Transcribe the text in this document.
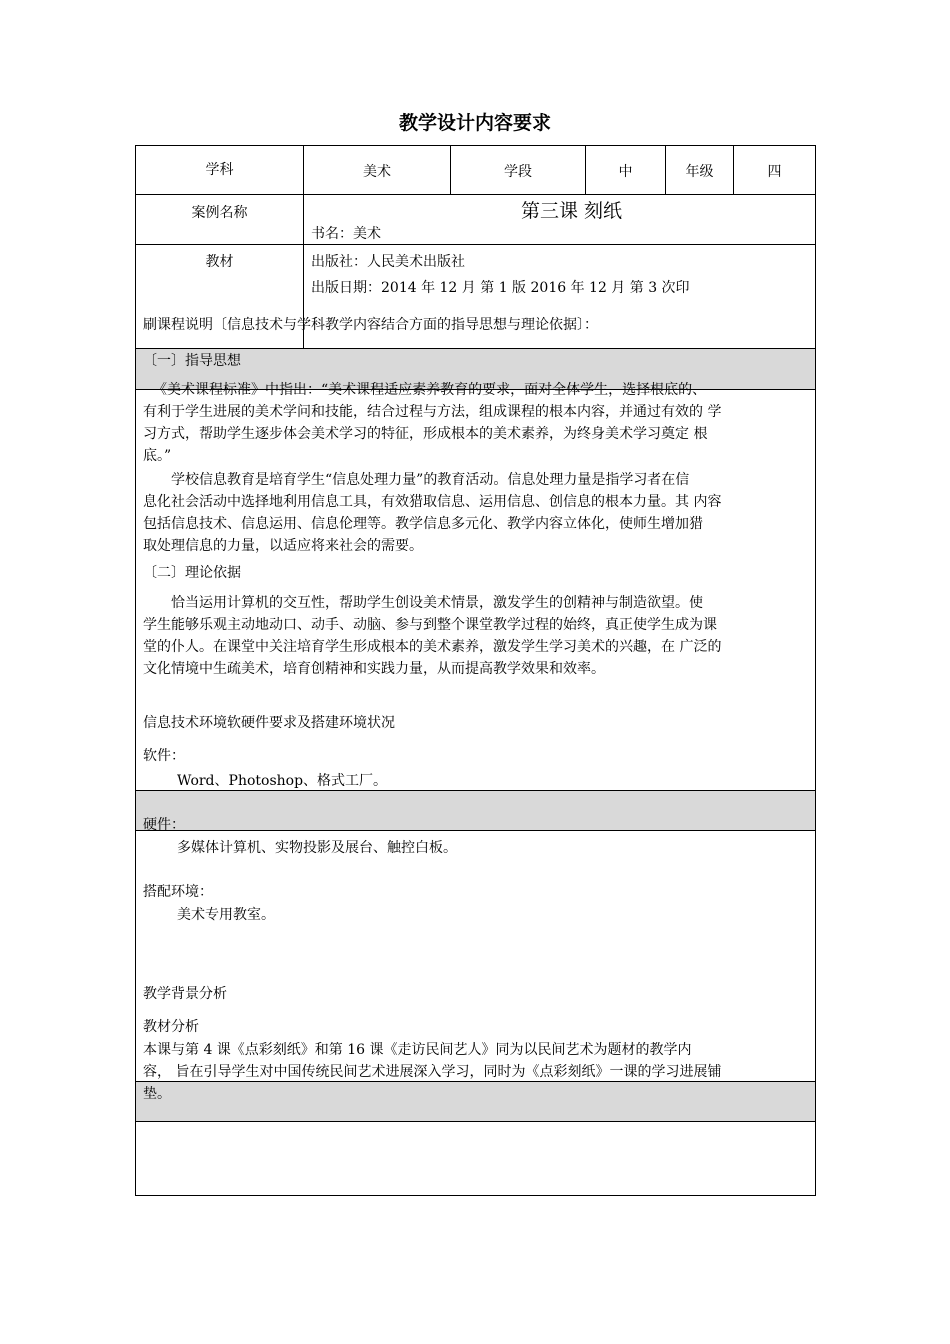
教学设计内容要求
学科	美术	学段	中	年级	四
案例名称	第三课 刻纸
书名：美术
教材	出版社：人民美术出版社
出版日期：2014 年 12 月 第 1 版 2016 年 12 月 第 3 次印
刷课程说明〔信息技术与学科教学内容结合方面的指导思想与理论依据〕：
〔一〕指导思想
《美术课程标准》中指出：“美术课程适应素养教育的要求，面对全体学生，选择根底的、
有利于学生进展的美术学问和技能，结合过程与方法，组成课程的根本内容，并通过有效的 学
习方式，帮助学生逐步体会美术学习的特征，形成根本的美术素养，为终身美术学习奠定 根
底。”
学校信息教育是培育学生“信息处理力量”的教育活动。信息处理力量是指学习者在信
息化社会活动中选择地利用信息工具，有效猎取信息、运用信息、创信息的根本力量。其 内容
包括信息技术、信息运用、信息伦理等。教学信息多元化、教学内容立体化，使师生增加猎
取处理信息的力量，以适应将来社会的需要。
〔二〕理论依据
恰当运用计算机的交互性，帮助学生创设美术情景，激发学生的创精神与制造欲望。使
学生能够乐观主动地动口、动手、动脑、参与到整个课堂教学过程的始终，真正使学生成为课
堂的仆人。在课堂中关注培育学生形成根本的美术素养，激发学生学习美术的兴趣，在 广泛的
文化情境中生疏美术，培育创精神和实践力量，从而提高教学效果和效率。
信息技术环境软硬件要求及搭建环境状况
软件：
Word、Photoshop、格式工厂。
硬件：
多媒体计算机、实物投影及展台、触控白板。
搭配环境：
美术专用教室。
教学背景分析
教材分析
本课与第 4 课《点彩刻纸》和第 16 课《走访民间艺人》同为以民间艺术为题材的教学内
容， 旨在引导学生对中国传统民间艺术进展深入学习，同时为《点彩刻纸》一课的学习进展铺
垫。
